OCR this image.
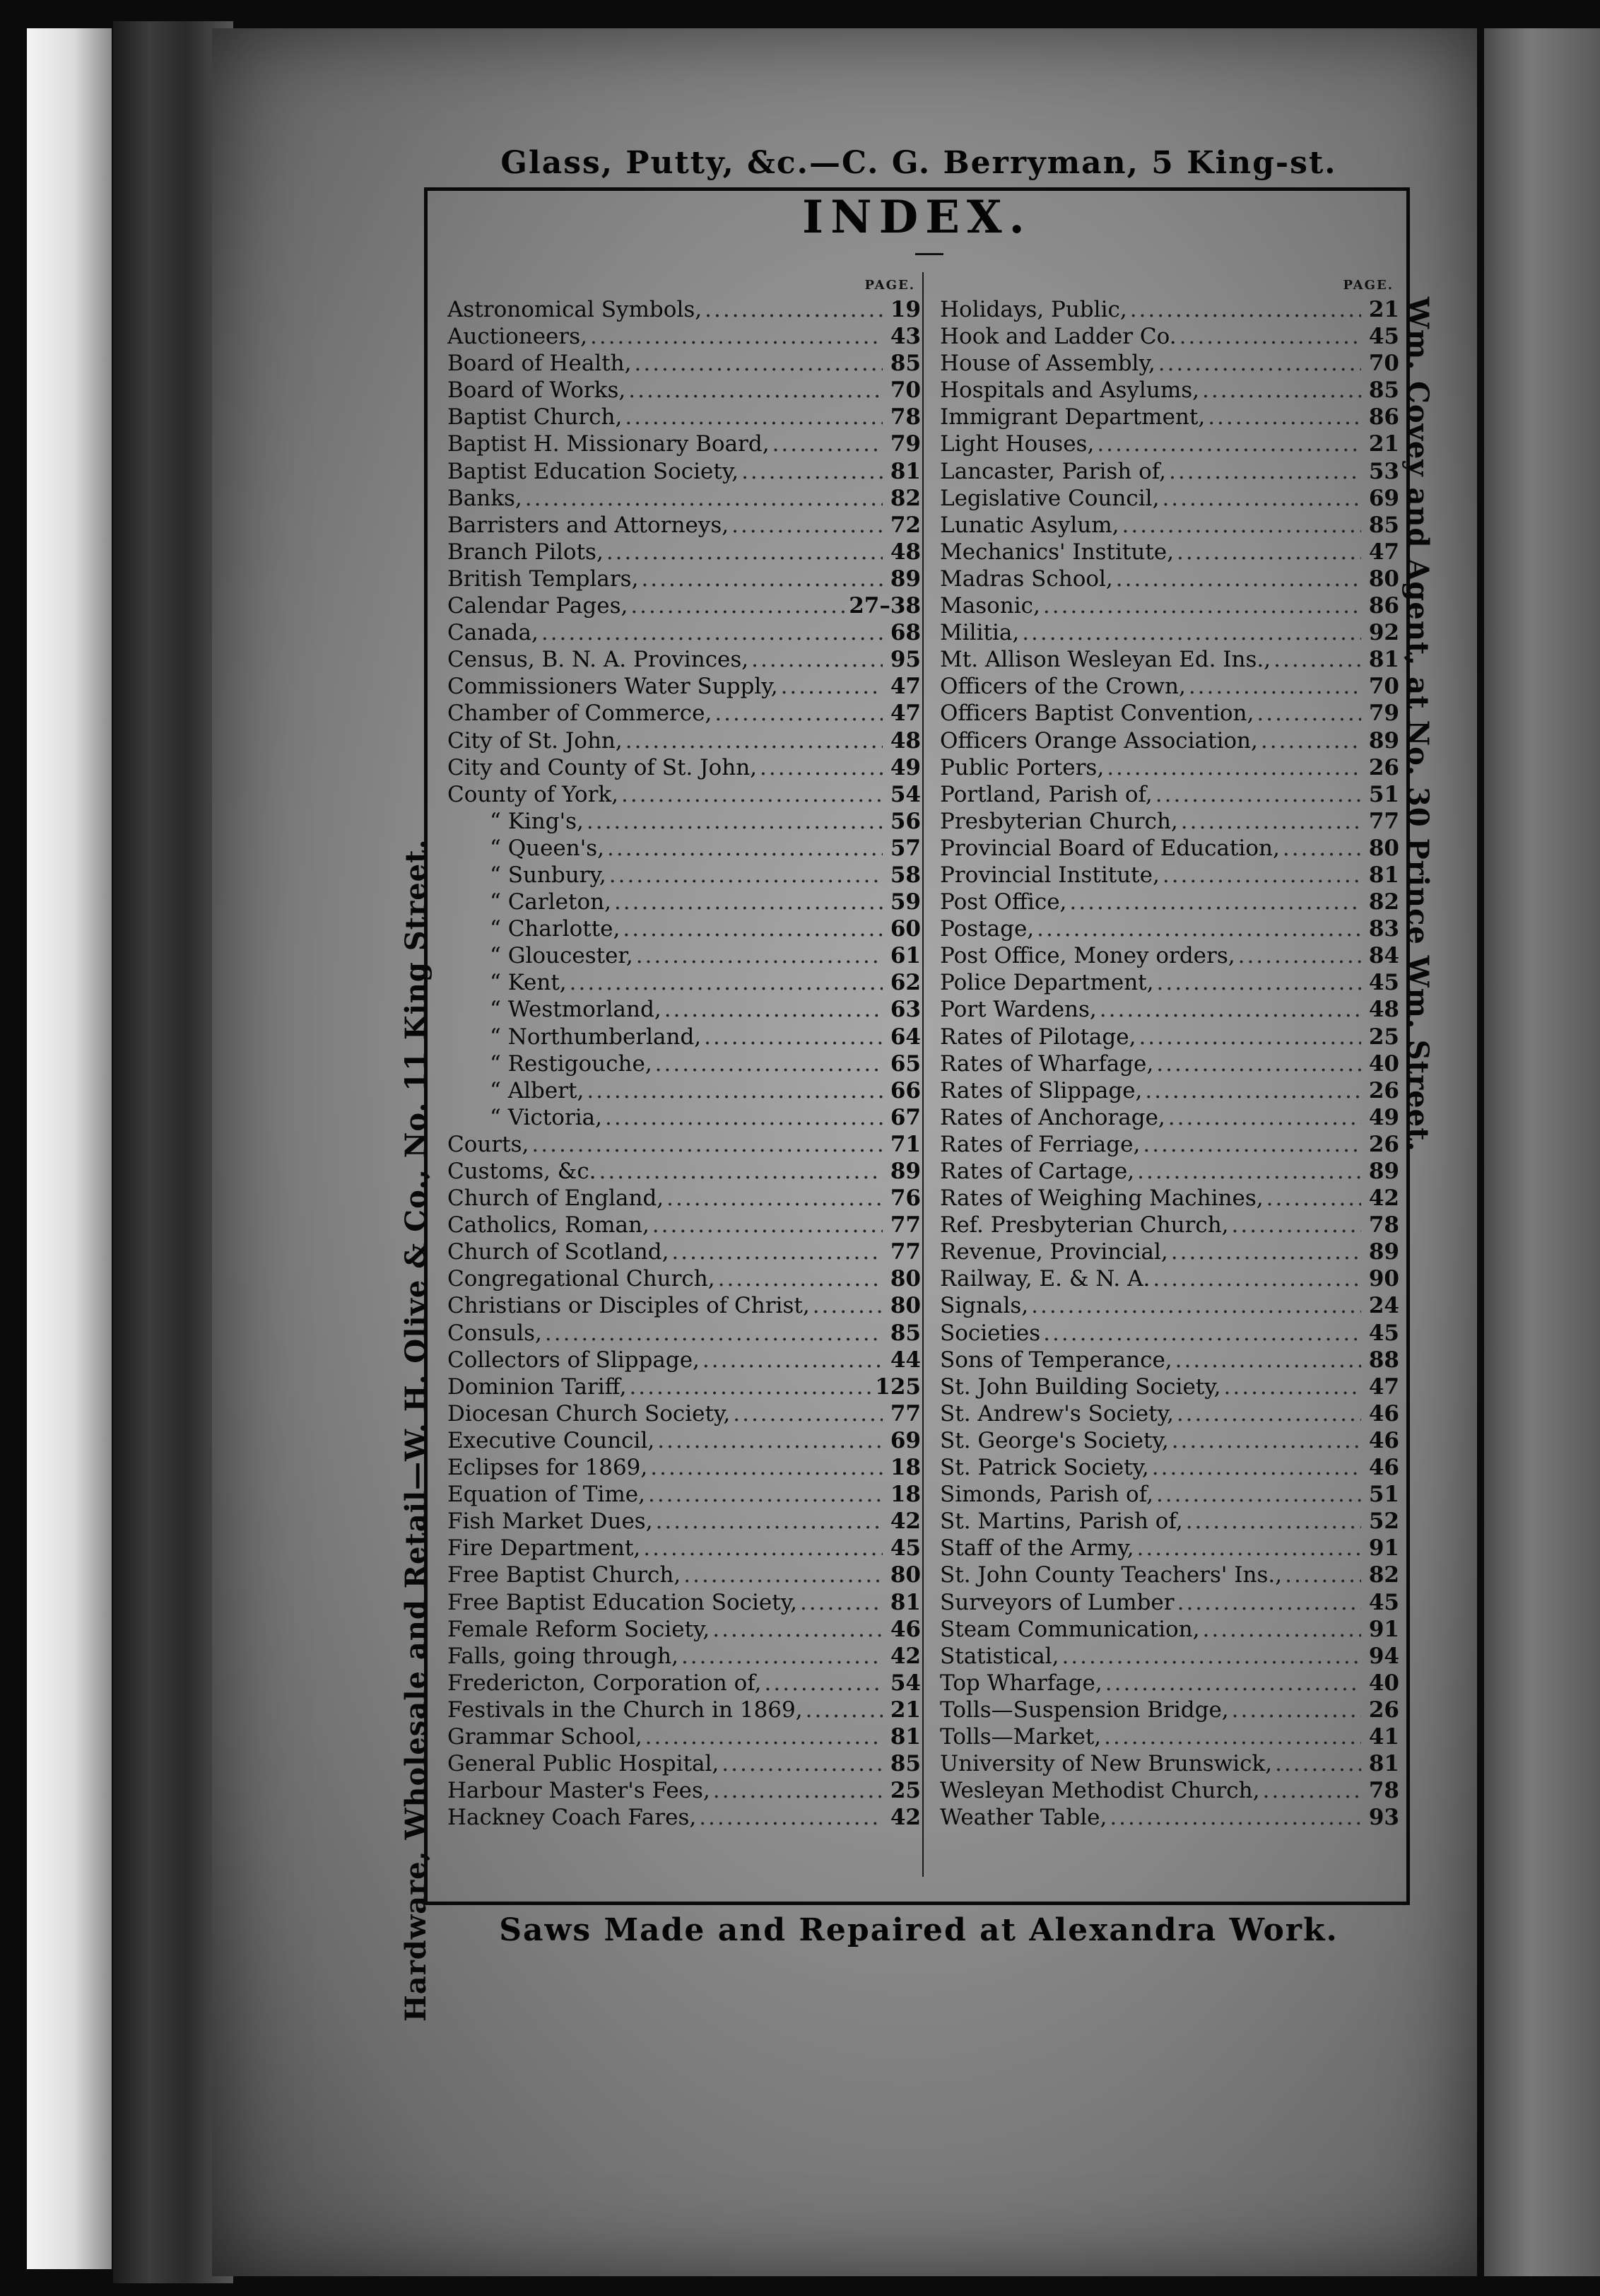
Glass, Putty, &c.—C. G. Berryman, 5 King-st.
Hardware, Wholesale and Retail—W. H. Olive & Co., No. 11 King Street.
Wm. Covey and Agent, at No. 30 Prince Wm. Street.
INDEX.
PAGE.
Astronomical Symbols, .....	19
Auctioneers, .....	43
Board of Health, .....	85
Board of Works, .....	70
Baptist Church, .....	78
Baptist H. Missionary Board, .....	79
Baptist Education Society, .....	81
Banks, .....	82
Barristers and Attorneys, .....	72
Branch Pilots, .....	48
British Templars, .....	89
Calendar Pages, .....	27–38
Canada, .....	68
Census, B. N. A. Provinces, .....	95
Commissioners Water Supply, .....	47
Chamber of Commerce, .....	47
City of St. John, .....	48
City and County of St. John, .....	49
County of York, .....	54
“ King's, .....	56
“ Queen's, .....	57
“ Sunbury, .....	58
“ Carleton, .....	59
“ Charlotte, .....	60
“ Gloucester, .....	61
“ Kent, .....	62
“ Westmorland, .....	63
“ Northumberland, .....	64
“ Restigouche, .....	65
“ Albert, .....	66
“ Victoria, .....	67
Courts, .....	71
Customs, &c. .....	89
Church of England, .....	76
Catholics, Roman, .....	77
Church of Scotland, .....	77
Congregational Church, .....	80
Christians or Disciples of Christ, .....	80
Consuls, .....	85
Collectors of Slippage, .....	44
Dominion Tariff, .....	125
Diocesan Church Society, .....	77
Executive Council, .....	69
Eclipses for 1869, .....	18
Equation of Time, .....	18
Fish Market Dues, .....	42
Fire Department, .....	45
Free Baptist Church, .....	80
Free Baptist Education Society, .....	81
Female Reform Society, .....	46
Falls, going through, .....	42
Fredericton, Corporation of, .....	54
Festivals in the Church in 1869, .....	21
Grammar School, .....	81
General Public Hospital, .....	85
Harbour Master's Fees, .....	25
Hackney Coach Fares, .....	42
PAGE.
Holidays, Public, .....	21
Hook and Ladder Co. .....	45
House of Assembly, .....	70
Hospitals and Asylums, .....	85
Immigrant Department, .....	86
Light Houses, .....	21
Lancaster, Parish of, .....	53
Legislative Council, .....	69
Lunatic Asylum, .....	85
Mechanics' Institute, .....	47
Madras School, .....	80
Masonic, .....	86
Militia, .....	92
Mt. Allison Wesleyan Ed. Ins., .....	81
Officers of the Crown, .....	70
Officers Baptist Convention, .....	79
Officers Orange Association, .....	89
Public Porters, .....	26
Portland, Parish of, .....	51
Presbyterian Church, .....	77
Provincial Board of Education, .....	80
Provincial Institute, .....	81
Post Office, .....	82
Postage, .....	83
Post Office, Money orders, .....	84
Police Department, .....	45
Port Wardens, .....	48
Rates of Pilotage, .....	25
Rates of Wharfage, .....	40
Rates of Slippage, .....	26
Rates of Anchorage, .....	49
Rates of Ferriage, .....	26
Rates of Cartage, .....	89
Rates of Weighing Machines, .....	42
Ref. Presbyterian Church, .....	78
Revenue, Provincial, .....	89
Railway, E. & N. A. .....	90
Signals, .....	24
Societies .....	45
Sons of Temperance, .....	88
St. John Building Society, .....	47
St. Andrew's Society, .....	46
St. George's Society, .....	46
St. Patrick Society, .....	46
Simonds, Parish of, .....	51
St. Martins, Parish of, .....	52
Staff of the Army, .....	91
St. John County Teachers' Ins., .....	82
Surveyors of Lumber .....	45
Steam Communication, .....	91
Statistical, .....	94
Top Wharfage, .....	40
Tolls—Suspension Bridge, .....	26
Tolls—Market, .....	41
University of New Brunswick, .....	81
Wesleyan Methodist Church, .....	78
Weather Table, .....	93
Saws Made and Repaired at Alexandra Work.
